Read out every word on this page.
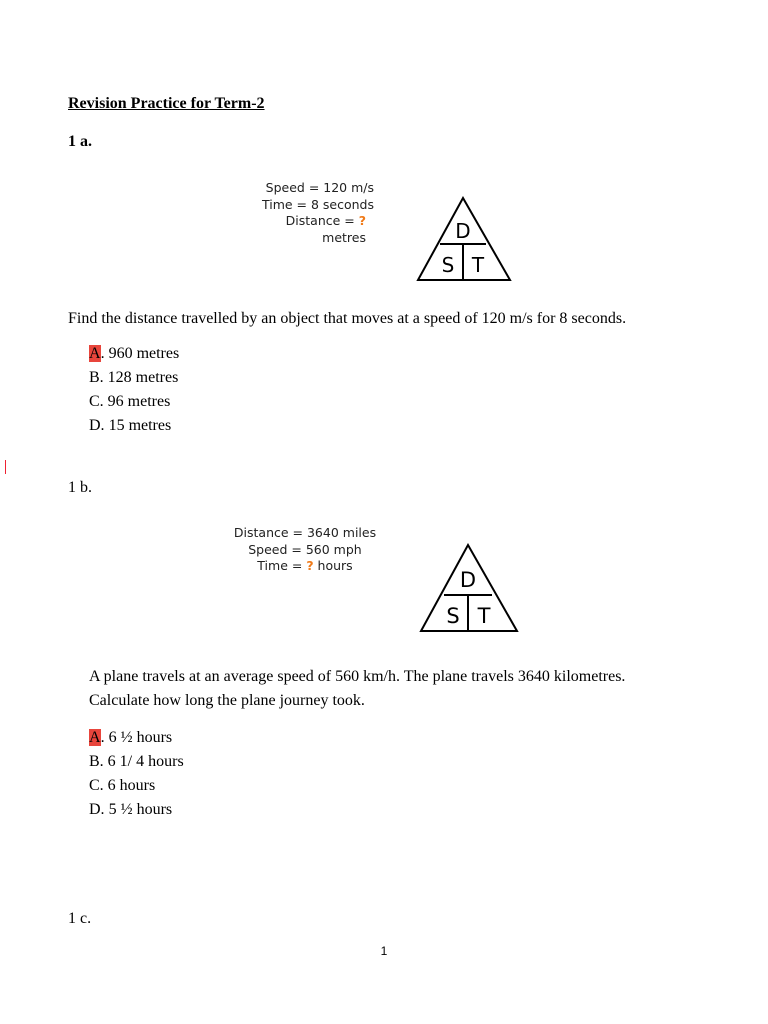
Revision Practice for Term-2
1 a.
Speed = 120 m/s
Time = 8 seconds
Distance = ? metres	D
S T
Find the distance travelled by an object that moves at a speed of 120 m/s for 8 seconds.
A. 960 metres
B. 128 metres
C. 96 metres
D. 15 metres
1 b.
Distance = 3640 miles
Speed = 560 mph
Time = ? hours
D
S T
A plane travels at an average speed of 560 km/h. The plane travels 3640 kilometres.
Calculate how long the plane journey took.
A. 6 ½ hours
B. 6 1/ 4 hours
C. 6 hours
D. 5 ½ hours
1 c.
1
